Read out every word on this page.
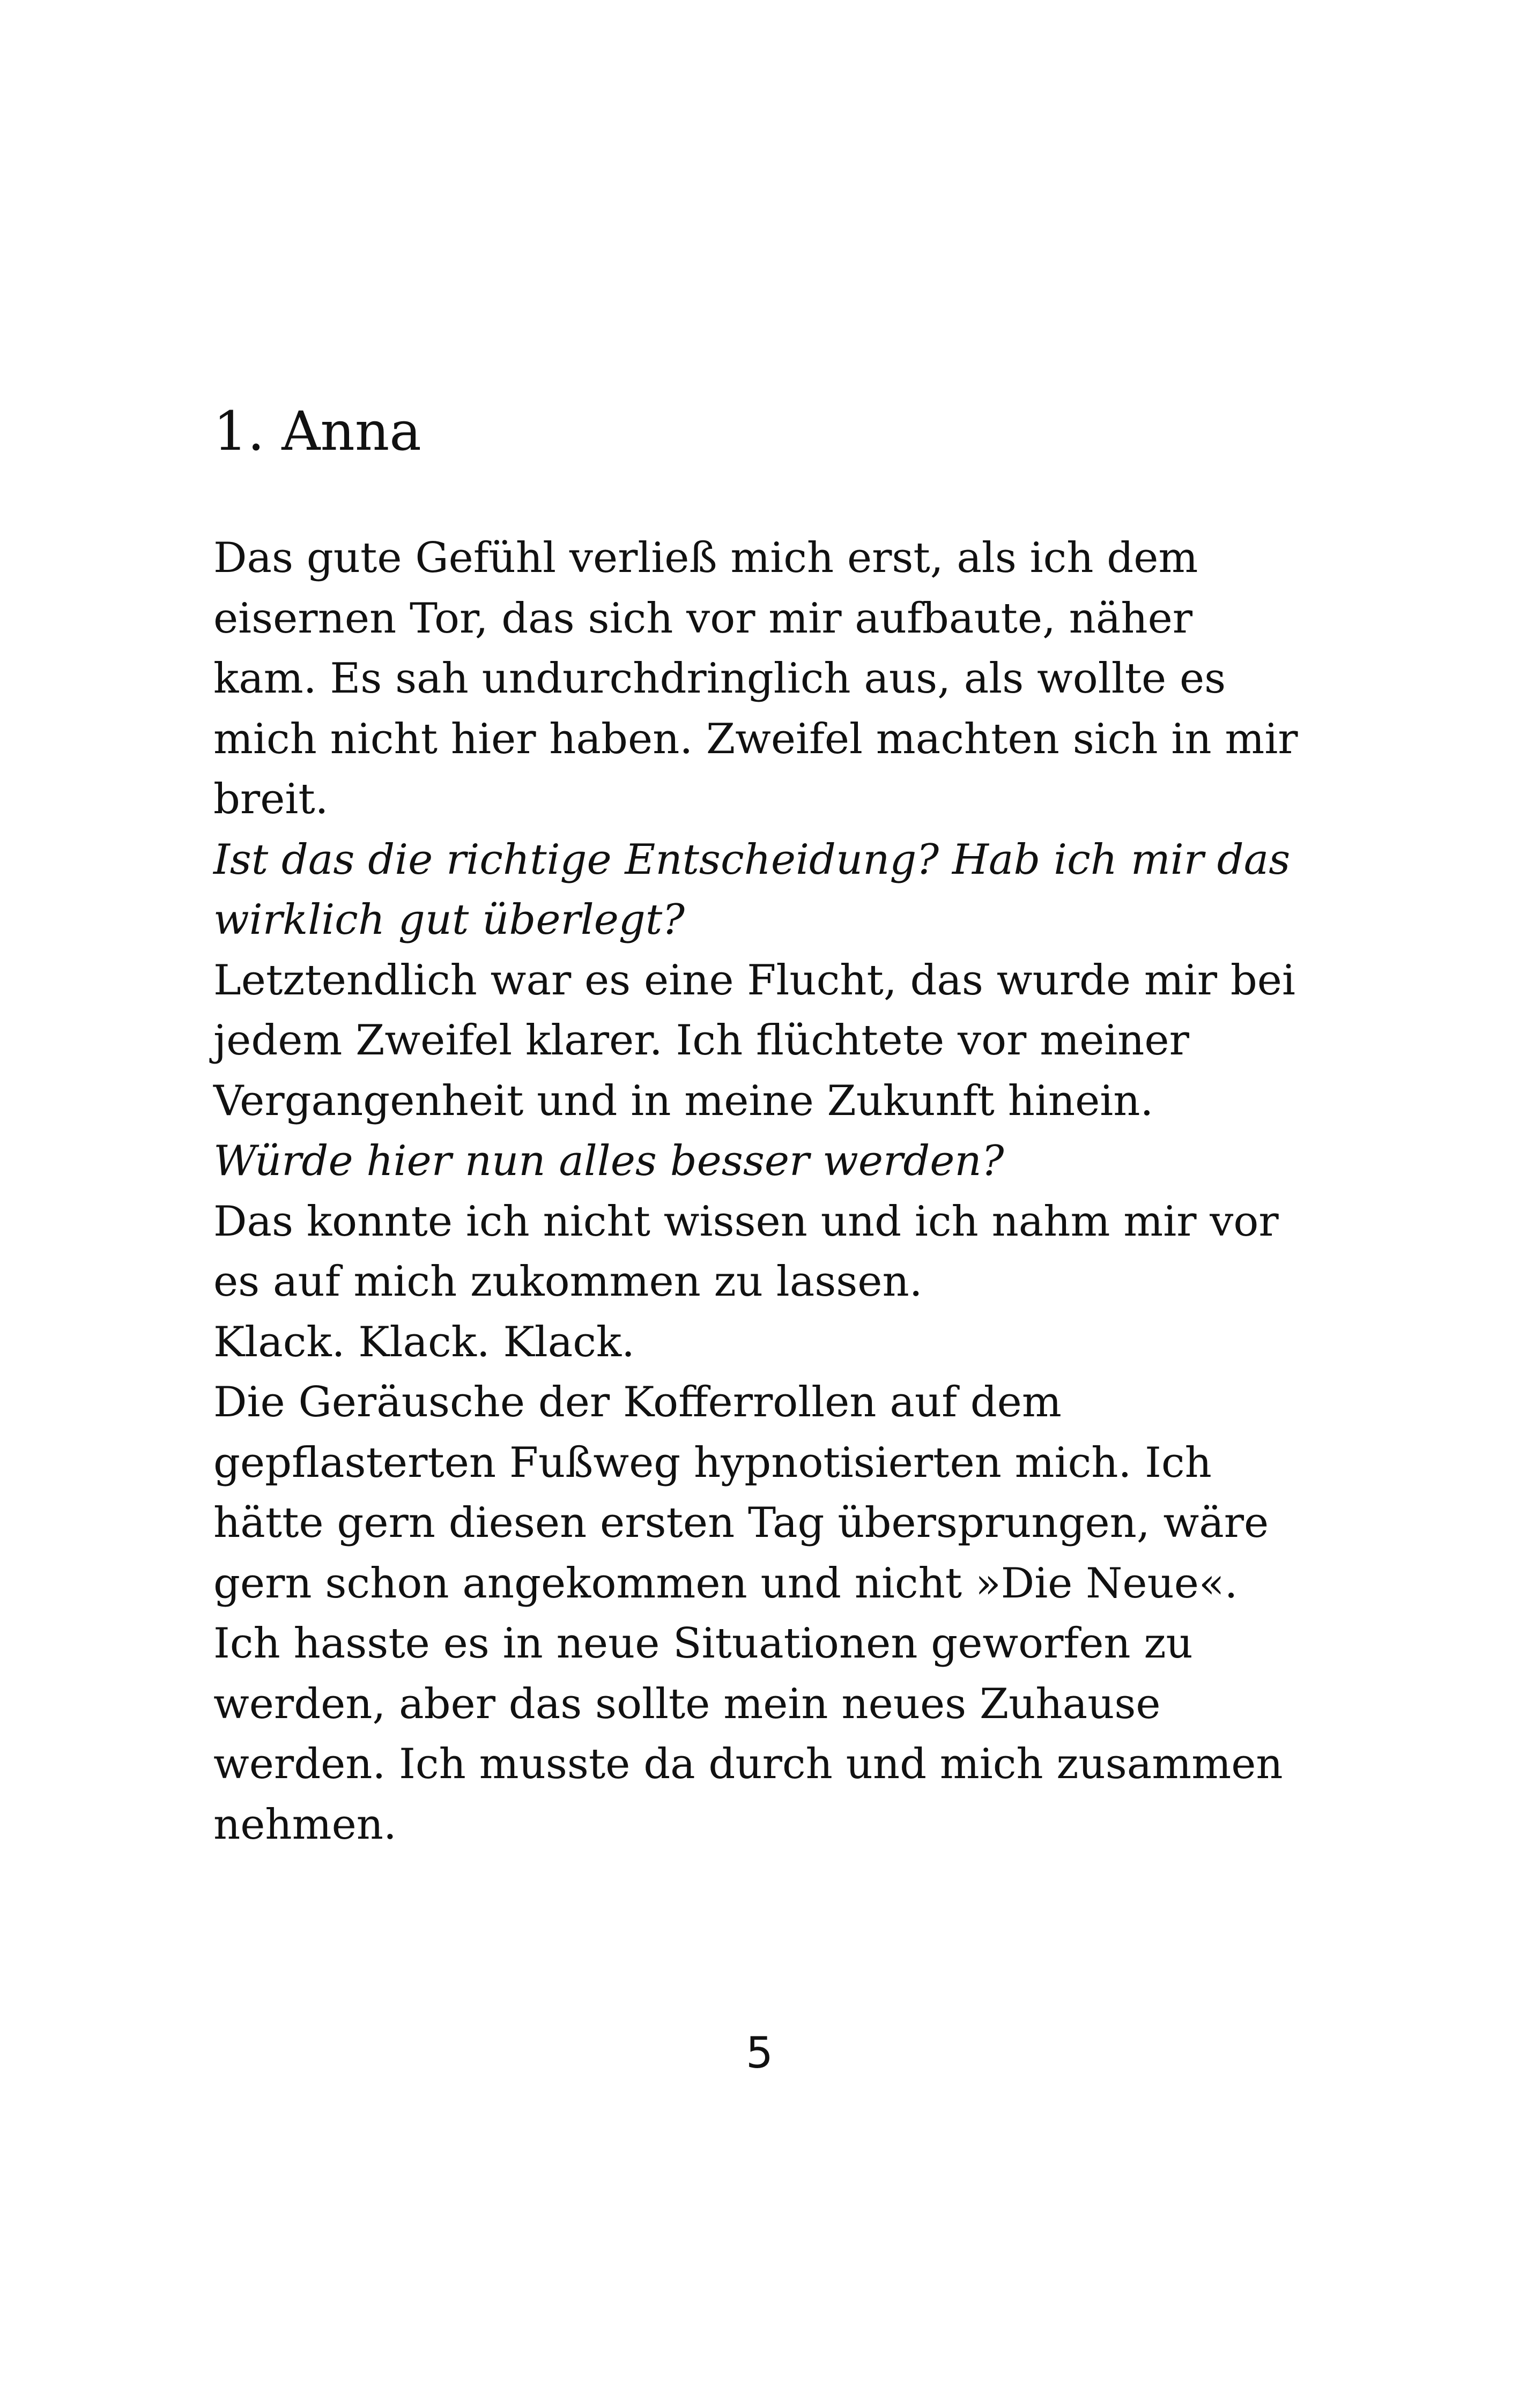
1. Anna
Das gute Gefühl verließ mich erst, als ich dem
eisernen Tor, das sich vor mir aufbaute, näher
kam. Es sah undurchdringlich aus, als wollte es
mich nicht hier haben. Zweifel machten sich in mir
breit.
Ist das die richtige Entscheidung? Hab ich mir das
wirklich gut überlegt?
Letztendlich war es eine Flucht, das wurde mir bei
jedem Zweifel klarer. Ich flüchtete vor meiner
Vergangenheit und in meine Zukunft hinein.
Würde hier nun alles besser werden?
Das konnte ich nicht wissen und ich nahm mir vor
es auf mich zukommen zu lassen.
Klack. Klack. Klack.
Die Geräusche der Kofferrollen auf dem
gepflasterten Fußweg hypnotisierten mich. Ich
hätte gern diesen ersten Tag übersprungen, wäre
gern schon angekommen und nicht »Die Neue«.
Ich hasste es in neue Situationen geworfen zu
werden, aber das sollte mein neues Zuhause
werden. Ich musste da durch und mich zusammen
nehmen.
5
